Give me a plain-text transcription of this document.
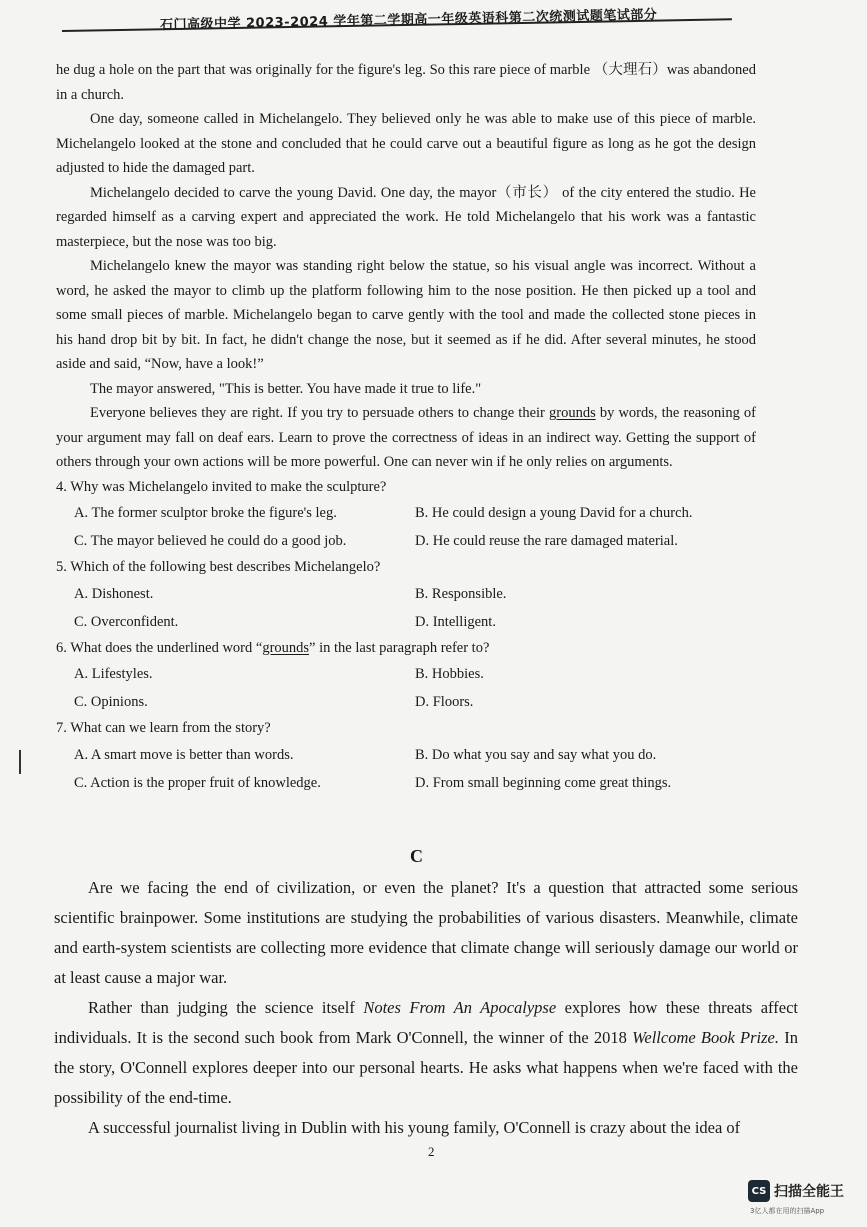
石门高级中学 2023-2024 学年第二学期高一年级英语科第二次统测试题笔试部分

he dug a hole on the part that was originally for the figure's leg. So this rare piece of marble （大理石）was abandoned in a church.

One day, someone called in Michelangelo. They believed only he was able to make use of this piece of marble. Michelangelo looked at the stone and concluded that he could carve out a beautiful figure as long as he got the design adjusted to hide the damaged part.

Michelangelo decided to carve the young David. One day, the mayor（市长） of the city entered the studio. He regarded himself as a carving expert and appreciated the work. He told Michelangelo that his work was a fantastic masterpiece, but the nose was too big.

Michelangelo knew the mayor was standing right below the statue, so his visual angle was incorrect. Without a word, he asked the mayor to climb up the platform following him to the nose position. He then picked up a tool and some small pieces of marble. Michelangelo began to carve gently with the tool and made the collected stone pieces in his hand drop bit by bit. In fact, he didn't change the nose, but it seemed as if he did. After several minutes, he stood aside and said, “Now, have a look!”

The mayor answered, "This is better. You have made it true to life."

Everyone believes they are right. If you try to persuade others to change their grounds by words, the reasoning of your argument may fall on deaf ears. Learn to prove the correctness of ideas in an indirect way. Getting the support of others through your own actions will be more powerful. One can never win if he only relies on arguments.

4. Why was Michelangelo invited to make the sculpture?

A. The former sculptor broke the figure's leg.	B. He could design a young David for a church.
C. The mayor believed he could do a good job.	D. He could reuse the rare damaged material.

5. Which of the following best describes Michelangelo?

A. Dishonest.	B. Responsible.
C. Overconfident.	D. Intelligent.

6. What does the underlined word “grounds” in the last paragraph refer to?

A. Lifestyles.	B. Hobbies.
C. Opinions.	D. Floors.

7. What can we learn from the story?

A. A smart move is better than words.	B. Do what you say and say what you do.
C. Action is the proper fruit of knowledge.	D. From small beginning come great things.
C

Are we facing the end of civilization, or even the planet? It's a question that attracted some serious scientific brainpower. Some institutions are studying the probabilities of various disasters. Meanwhile, climate and earth-system scientists are collecting more evidence that climate change will seriously damage our world or at least cause a major war.

Rather than judging the science itself Notes From An Apocalypse explores how these threats affect individuals. It is the second such book from Mark O'Connell, the winner of the 2018 Wellcome Book Prize. In the story, O'Connell explores deeper into our personal hearts. He asks what happens when we're faced with the possibility of the end-time.

A successful journalist living in Dublin with his young family, O'Connell is crazy about the idea of

2
CS 扫描全能王
3亿人都在用的扫描App
